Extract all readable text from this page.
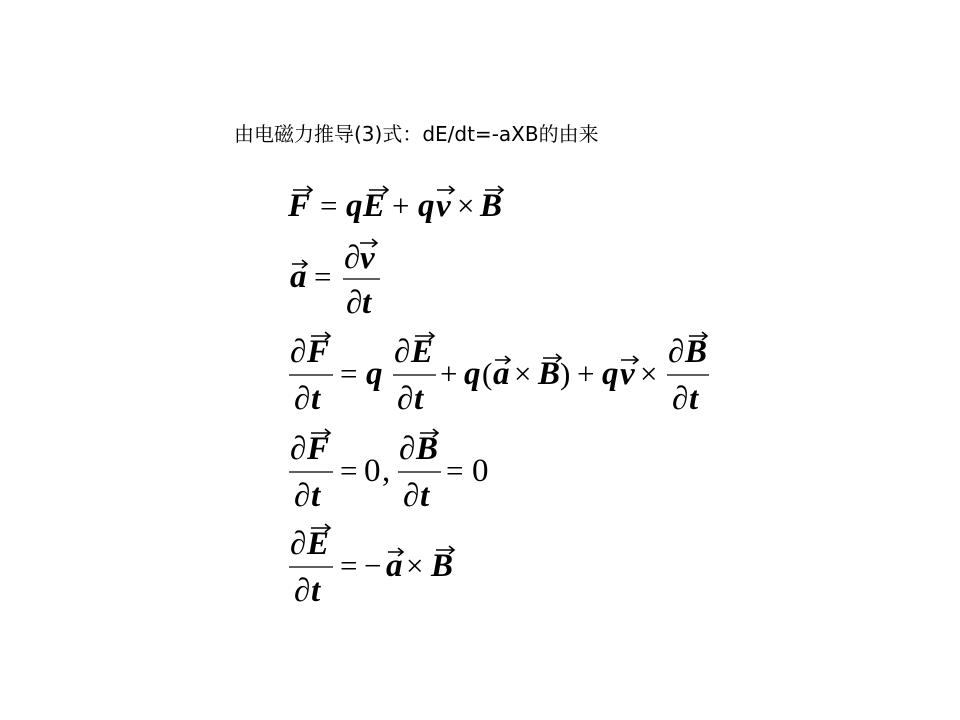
由电磁力推导(3)式：dE/dt=-aXB的由来
F = q E + q v × B
a =
∂ v
∂ t
∂ F
∂ t
= q
∂ E
∂ t
+ q ( a × B ) + q v ×
∂ B
∂ t
∂ F
∂ t
= 0 ,
∂ B
∂ t
= 0
∂ E
∂ t
= − a × B
